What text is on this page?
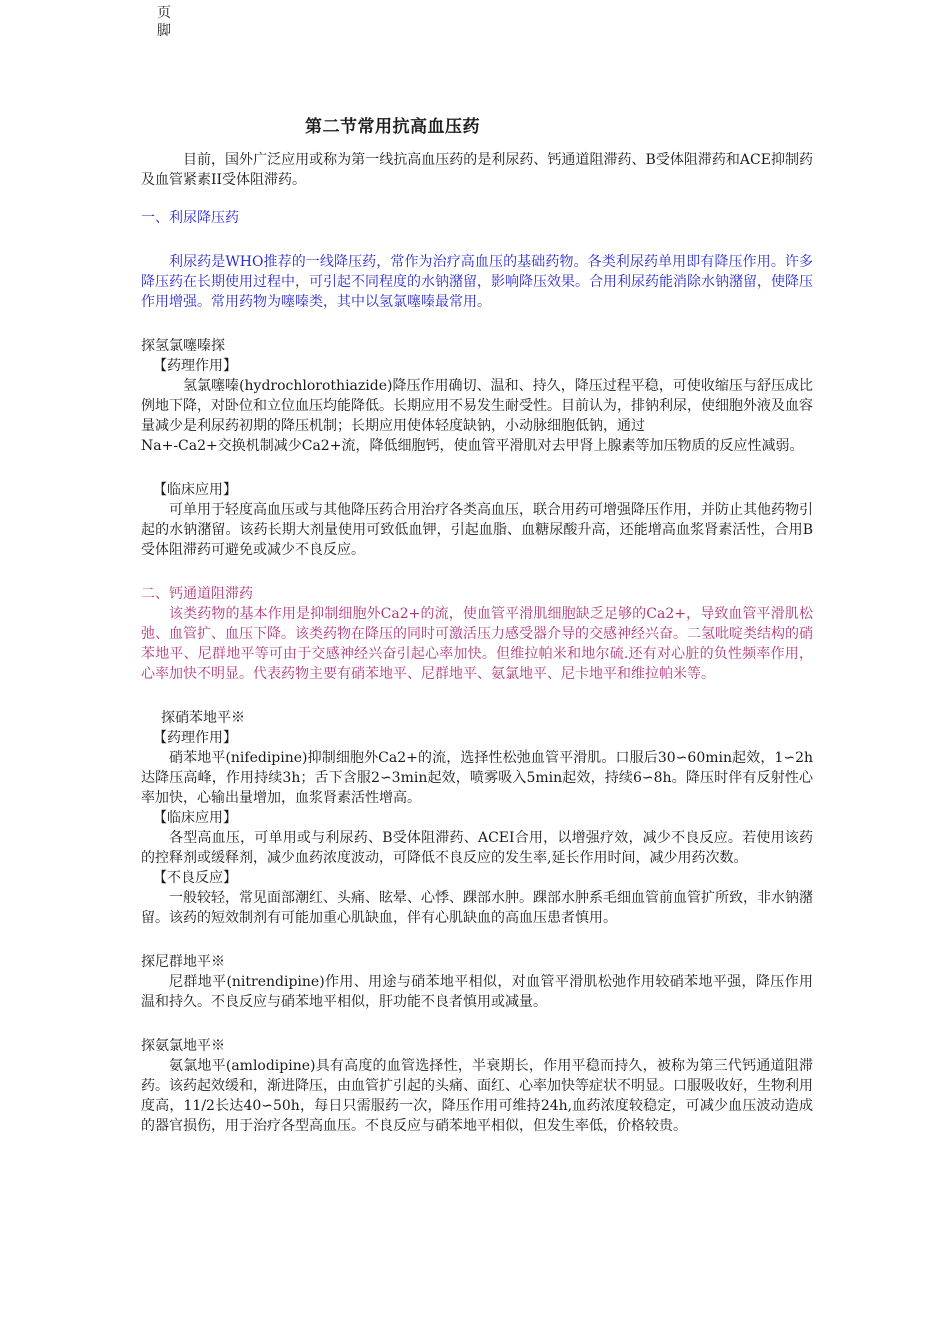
页
脚
第二节常用抗高血压药

目前，国外广泛应用或称为第一线抗高血压药的是利尿药、钙通道阻滞药、Β受体阻滞药和ACE抑制药及血管紧素II受体阻滞药。

一、利尿降压药

利尿药是WHO推荐的一线降压药，常作为治疗高血压的基础药物。各类利尿药单用即有降压作用。许多降压药在长期使用过程中，可引起不同程度的水钠潴留，影响降压效果。合用利尿药能消除水钠潴留，使降压作用增强。常用药物为噻嗪类，其中以氢氯噻嗪最常用。

探氢氯噻嗪探

【药理作用】

氢氯噻嗪(hydrochlorothiazide)降压作用确切、温和、持久，降压过程平稳，可使收缩压与舒压成比例地下降，对卧位和立位血压均能降低。长期应用不易发生耐受性。目前认为，排钠利尿，使细胞外液及血容量减少是利尿药初期的降压机制；长期应用使体轻度缺钠，小动脉细胞低钠，通过

Na+-Ca2+交换机制减少Ca2+流，降低细胞钙，使血管平滑肌对去甲肾上腺素等加压物质的反应性减弱。

【临床应用】

可单用于轻度高血压或与其他降压药合用治疗各类高血压，联合用药可增强降压作用，并防止其他药物引起的水钠潴留。该药长期大剂量使用可致低血钾，引起血脂、血糖尿酸升高，还能增高血浆肾素活性，合用Β受体阻滞药可避免或减少不良反应。

二、钙通道阻滞药

该类药物的基本作用是抑制细胞外Ca2+的流，使血管平滑肌细胞缺乏足够的Ca2+，导致血管平滑肌松弛、血管扩、血压下降。该类药物在降压的同时可激活压力感受器介导的交感神经兴奋。二氢吡啶类结构的硝苯地平、尼群地平等可由于交感神经兴奋引起心率加快。但维拉帕米和地尔硫.还有对心脏的负性频率作用，心率加快不明显。代表药物主要有硝苯地平、尼群地平、氨氯地平、尼卡地平和维拉帕米等。

探硝苯地平※

【药理作用】

硝苯地平(nifedipine)抑制细胞外Ca2+的流，选择性松弛血管平滑肌。口服后30∽60min起效，1∽2h达降压高峰，作用持续3h；舌下含服2∽3min起效，喷雾吸入5min起效，持续6∽8h。降压时伴有反射性心率加快，心输出量增加，血浆肾素活性增高。

【临床应用】

各型高血压，可单用或与利尿药、Β受体阻滞药、ACEI合用，以增强疗效，减少不良反应。若使用该药的控释剂或缓释剂，减少血药浓度波动，可降低不良反应的发生率,延长作用时间，减少用药次数。

【不良反应】

一般较轻，常见面部潮红、头痛、眩晕、心悸、踝部水肿。踝部水肿系毛细血管前血管扩所致，非水钠潴留。该药的短效制剂有可能加重心肌缺血，伴有心肌缺血的高血压患者慎用。

探尼群地平※

尼群地平(nitrendipine)作用、用途与硝苯地平相似，对血管平滑肌松弛作用较硝苯地平强，降压作用温和持久。不良反应与硝苯地平相似，肝功能不良者慎用或减量。

探氨氯地平※

氨氯地平(amlodipine)具有高度的血管选择性，半衰期长，作用平稳而持久，被称为第三代钙通道阻滞药。该药起效缓和，渐进降压，由血管扩引起的头痛、面红、心率加快等症状不明显。口服吸收好，生物利用度高，11/2长达40∽50h，每日只需服药一次，降压作用可维持24h,血药浓度较稳定，可减少血压波动造成的器官损伤，用于治疗各型高血压。不良反应与硝苯地平相似，但发生率低，价格较贵。
